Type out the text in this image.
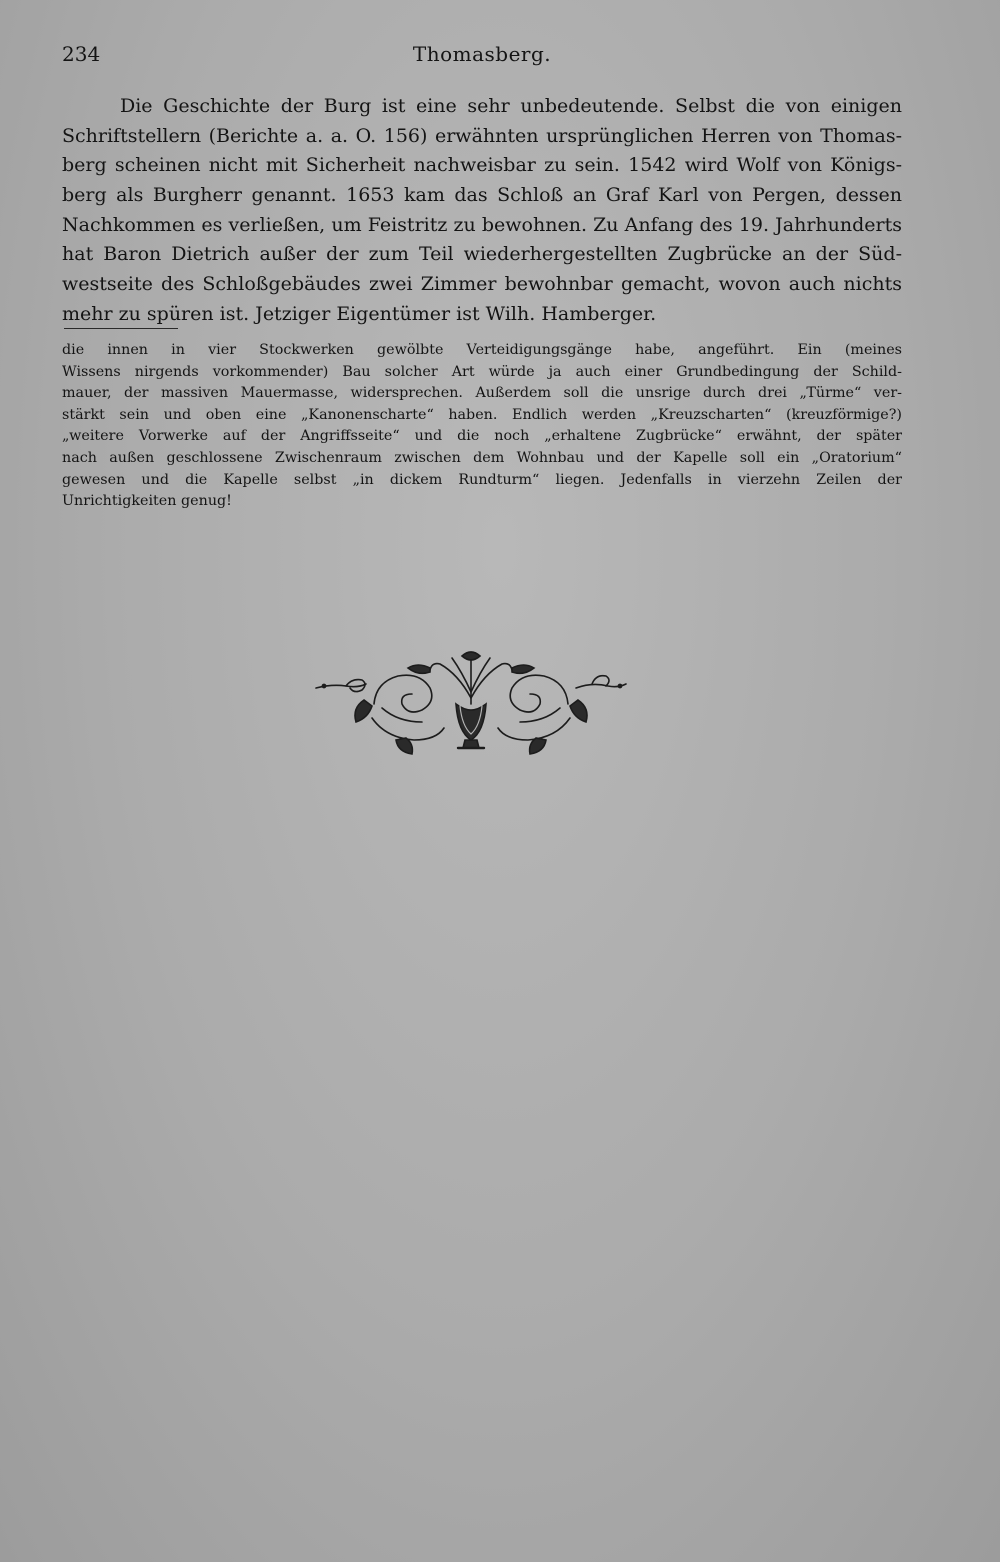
234	Thomasberg.
Die Geschichte der Burg ist eine sehr unbedeutende. Selbst die von einigen
Schriftstellern (Berichte a. a. O. 156) erwähnten ursprünglichen Herren von Thomas-
berg scheinen nicht mit Sicherheit nachweisbar zu sein. 1542 wird Wolf von Königs-
berg als Burgherr genannt. 1653 kam das Schloß an Graf Karl von Pergen, dessen
Nachkommen es verließen, um Feistritz zu bewohnen. Zu Anfang des 19. Jahrhunderts
hat Baron Dietrich außer der zum Teil wiederhergestellten Zugbrücke an der Süd-
westseite des Schloßgebäudes zwei Zimmer bewohnbar gemacht, wovon auch nichts
mehr zu spüren ist. Jetziger Eigentümer ist Wilh. Hamberger.
die innen in vier Stockwerken gewölbte Verteidigungsgänge habe, angeführt. Ein (meines
Wissens nirgends vorkommender) Bau solcher Art würde ja auch einer Grundbedingung der Schild-
mauer, der massiven Mauermasse, widersprechen. Außerdem soll die unsrige durch drei „Türme“ ver-
stärkt sein und oben eine „Kanonenscharte“ haben. Endlich werden „Kreuzscharten“ (kreuzförmige?)
„weitere Vorwerke auf der Angriffsseite“ und die noch „erhaltene Zugbrücke“ erwähnt, der später
nach außen geschlossene Zwischenraum zwischen dem Wohnbau und der Kapelle soll ein „Oratorium“
gewesen und die Kapelle selbst „in dickem Rundturm“ liegen. Jedenfalls in vierzehn Zeilen der
Unrichtigkeiten genug!
